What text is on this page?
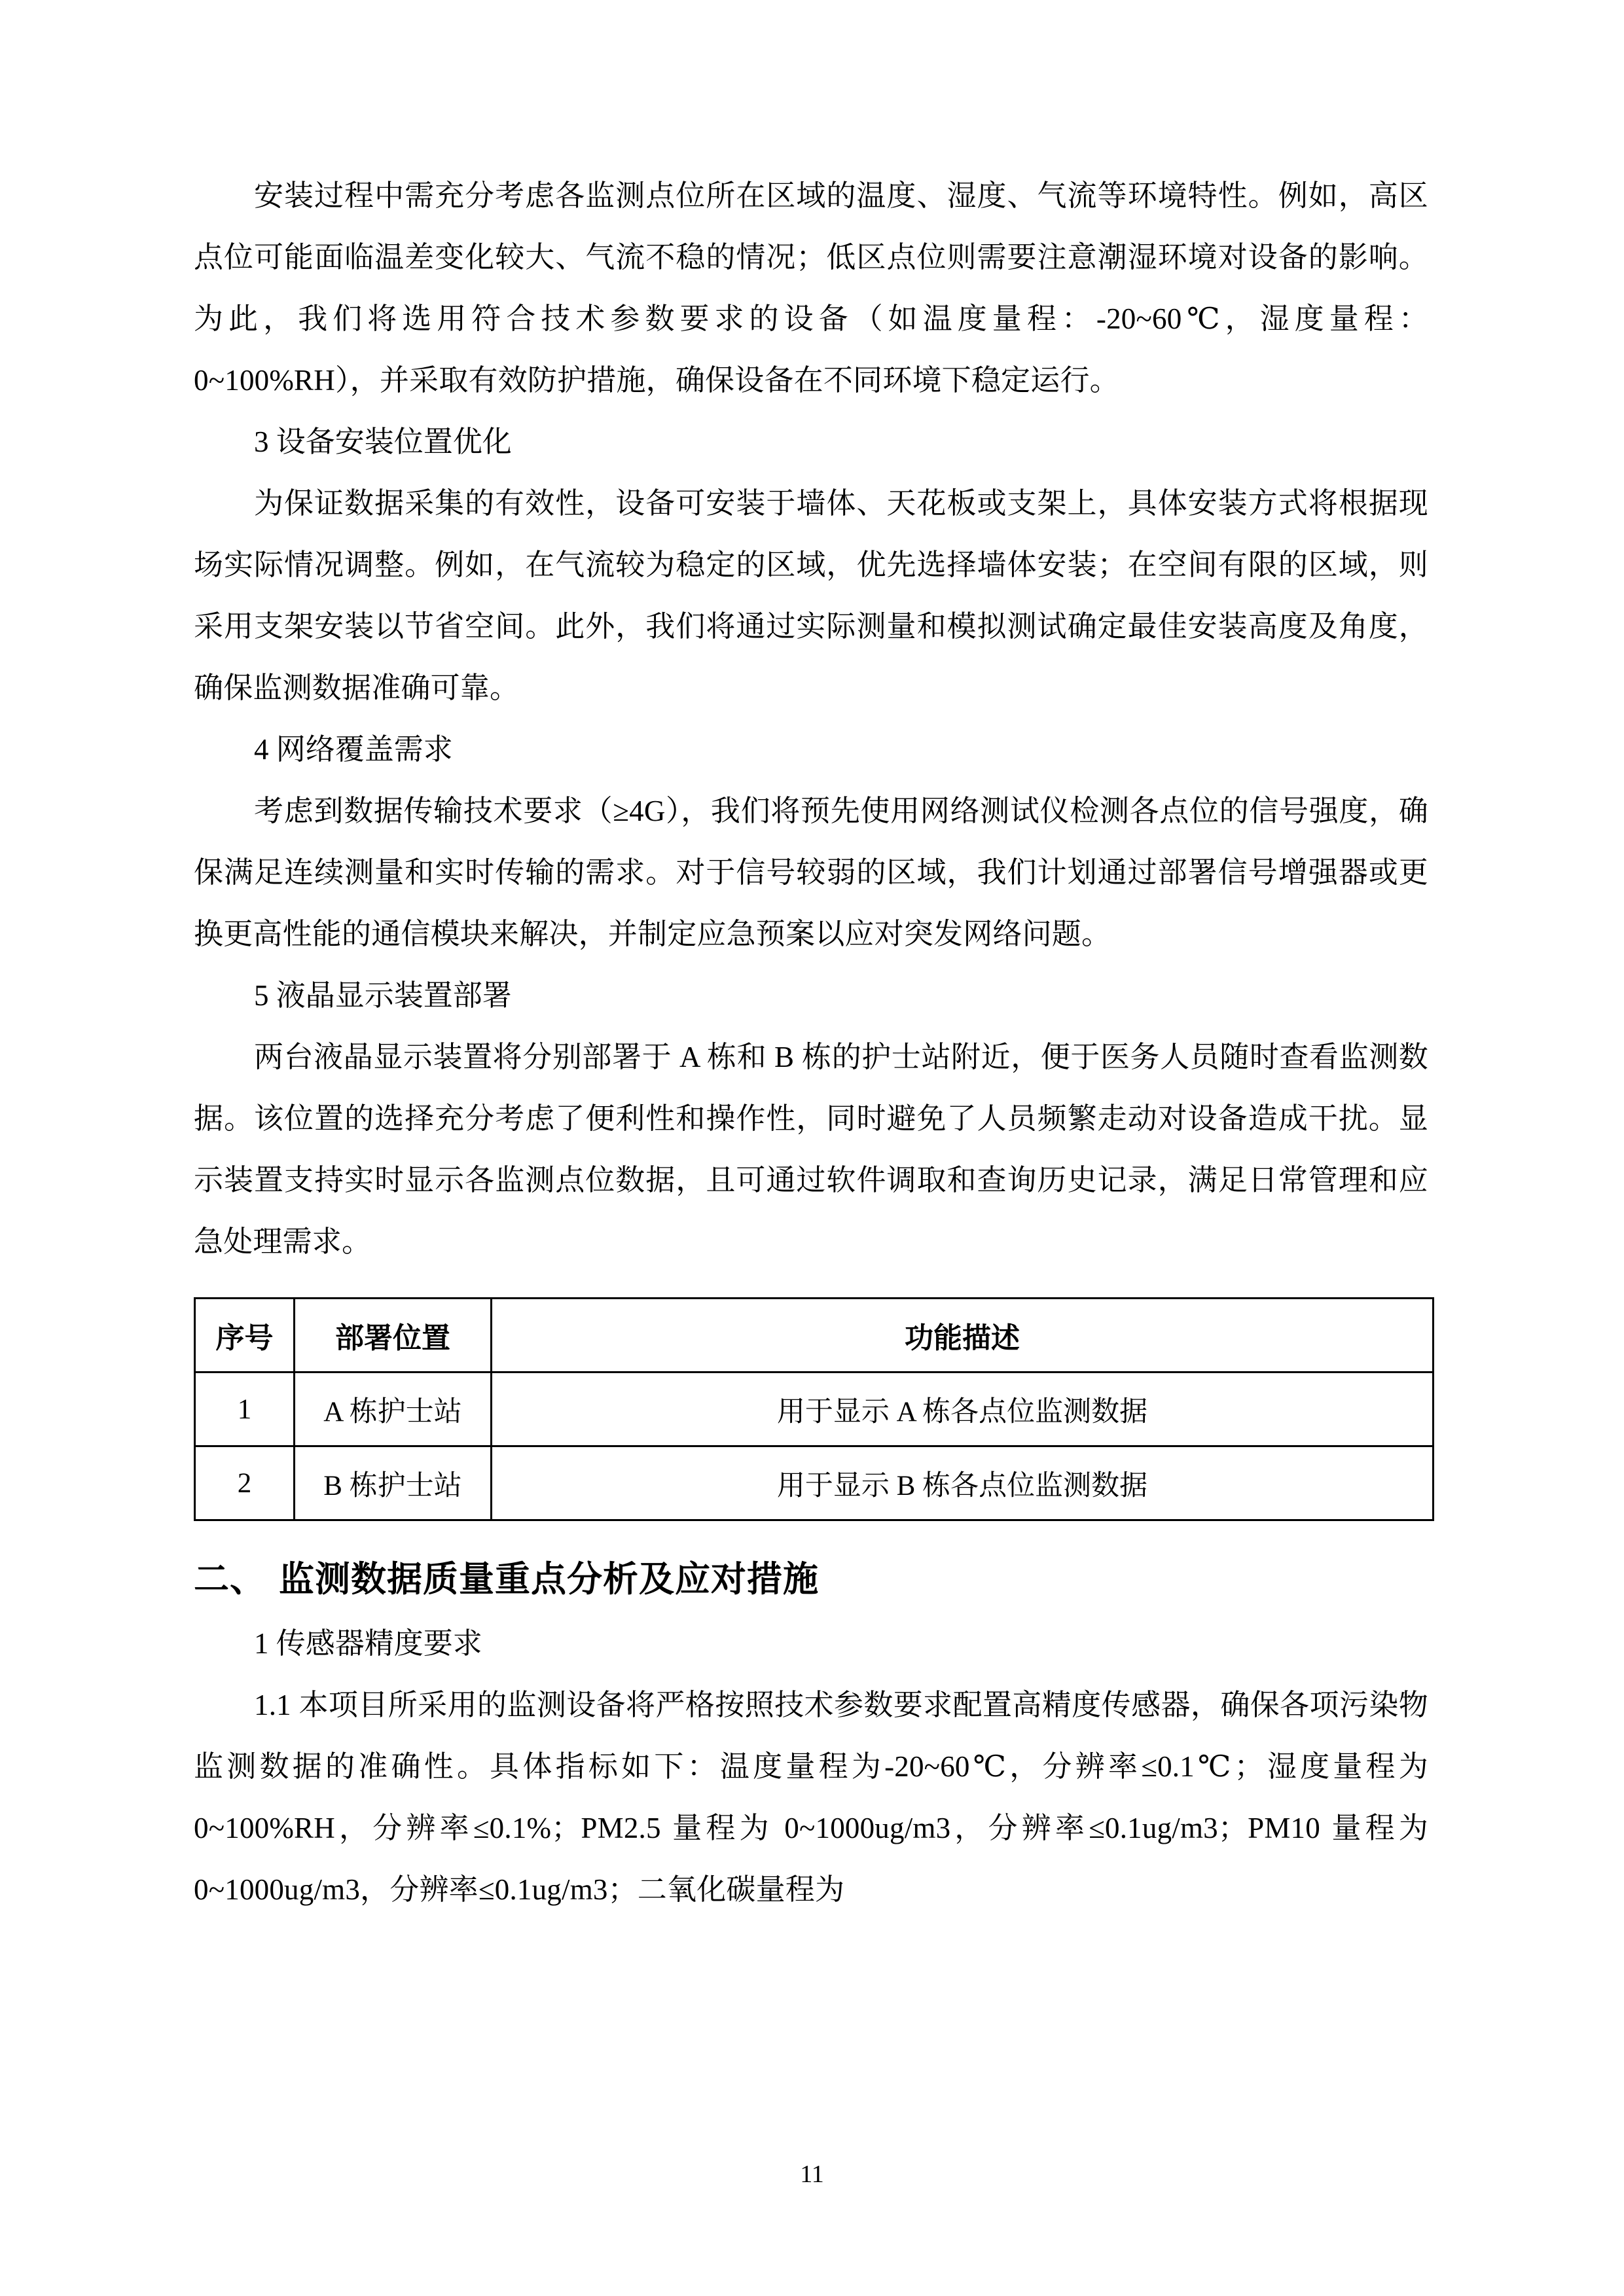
安装过程中需充分考虑各监测点位所在区域的温度、湿度、气流等环境特性。例如，高区点位可能面临温差变化较大、气流不稳的情况；低区点位则需要注意潮湿环境对设备的影响。为此，我们将选用符合技术参数要求的设备（如温度量程：-20~60℃，湿度量程：0~100%RH），并采取有效防护措施，确保设备在不同环境下稳定运行。

3 设备安装位置优化

为保证数据采集的有效性，设备可安装于墙体、天花板或支架上，具体安装方式将根据现场实际情况调整。例如，在气流较为稳定的区域，优先选择墙体安装；在空间有限的区域，则采用支架安装以节省空间。此外，我们将通过实际测量和模拟测试确定最佳安装高度及角度，确保监测数据准确可靠。

4 网络覆盖需求

考虑到数据传输技术要求（≥4G），我们将预先使用网络测试仪检测各点位的信号强度，确保满足连续测量和实时传输的需求。对于信号较弱的区域，我们计划通过部署信号增强器或更换更高性能的通信模块来解决，并制定应急预案以应对突发网络问题。

5 液晶显示装置部署

两台液晶显示装置将分别部署于 A 栋和 B 栋的护士站附近，便于医务人员随时查看监测数据。该位置的选择充分考虑了便利性和操作性，同时避免了人员频繁走动对设备造成干扰。显示装置支持实时显示各监测点位数据，且可通过软件调取和查询历史记录，满足日常管理和应急处理需求。

序号	部署位置	功能描述
1	A 栋护士站	用于显示 A 栋各点位监测数据
2	B 栋护士站	用于显示 B 栋各点位监测数据
二、 监测数据质量重点分析及应对措施

1 传感器精度要求

1.1 本项目所采用的监测设备将严格按照技术参数要求配置高精度传感器，确保各项污染物监测数据的准确性。具体指标如下：温度量程为-20~60℃，分辨率≤0.1℃；湿度量程为 0~100%RH，分辨率≤0.1%；PM2.5 量程为 0~1000ug/m3，分辨率≤0.1ug/m3；PM10 量程为 0~1000ug/m3，分辨率≤0.1ug/m3；二氧化碳量程为

11
